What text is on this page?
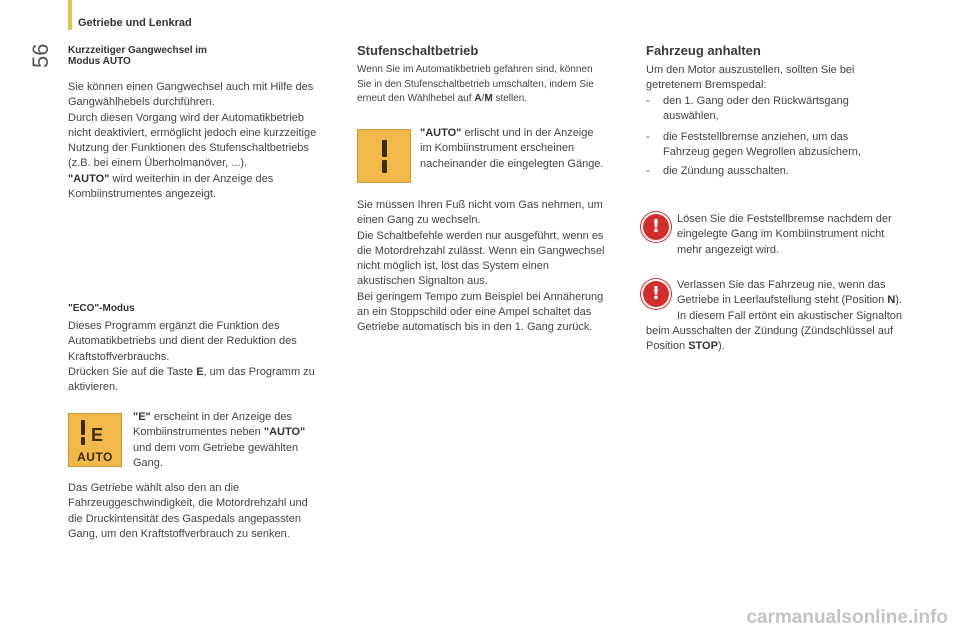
Getriebe und Lenkrad
56 Kurzzeitiger Gangwechsel im
Modus AUTO
Sie können einen Gangwechsel auch mit Hilfe des
Gangwählhebels durchführen.
Durch diesen Vorgang wird der Automatikbetrieb
nicht deaktiviert, ermöglicht jedoch eine kurzzeitige
Nutzung der Funktionen des Stufenschaltbetriebs
(z.B. bei einem Überholmanöver, ...).
"AUTO" wird weiterhin in der Anzeige des
Kombiinstrumentes angezeigt.
"ECO"-Modus
Dieses Programm ergänzt die Funktion des
Automatikbetriebs und dient der Reduktion des
Kraftstoffverbrauchs.
Drücken Sie auf die Taste E, um das Programm zu
aktivieren.
E
AUTO
"E" erscheint in der Anzeige des
Kombiinstrumentes neben "AUTO"
und dem vom Getriebe gewählten
Gang.
Das Getriebe wählt also den an die
Fahrzeuggeschwindigkeit, die Motordrehzahl und
die Druckintensität des Gaspedals angepassten
Gang, um den Kraftstoffverbrauch zu senken.
Stufenschaltbetrieb
Wenn Sie im Automatikbetrieb gefahren sind, können
Sie in den Stufenschaltbetrieb umschalten, indem Sie
erneut den Wählhebel auf A/M stellen.
"AUTO" erlischt und in der Anzeige
im Kombiinstrument erscheinen
nacheinander die eingelegten Gänge.
Sie müssen Ihren Fuß nicht vom Gas nehmen, um
einen Gang zu wechseln.
Die Schaltbefehle werden nur ausgeführt, wenn es
die Motordrehzahl zulässt. Wenn ein Gangwechsel
nicht möglich ist, löst das System einen
akustischen Signalton aus.
Bei geringem Tempo zum Beispiel bei Annäherung
an ein Stoppschild oder eine Ampel schaltet das
Getriebe automatisch bis in den 1. Gang zurück.
Fahrzeug anhalten
Um den Motor auszustellen, sollten Sie bei
getretenem Bremspedal:
- den 1. Gang oder den Rückwärtsgang
auswählen,
- die Feststellbremse anziehen, um das
Fahrzeug gegen Wegrollen abzusichern,
- die Zündung ausschalten.
!	Lösen Sie die Feststellbremse nachdem der
eingelegte Gang im Kombiinstrument nicht
mehr angezeigt wird.
!	Verlassen Sie das Fahrzeug nie, wenn das
Getriebe in Leerlaufstellung steht (Position N).
In diesem Fall ertönt ein akustischer Signalton
beim Ausschalten der Zündung (Zündschlüssel auf
Position STOP).
carmanualsonline.info
